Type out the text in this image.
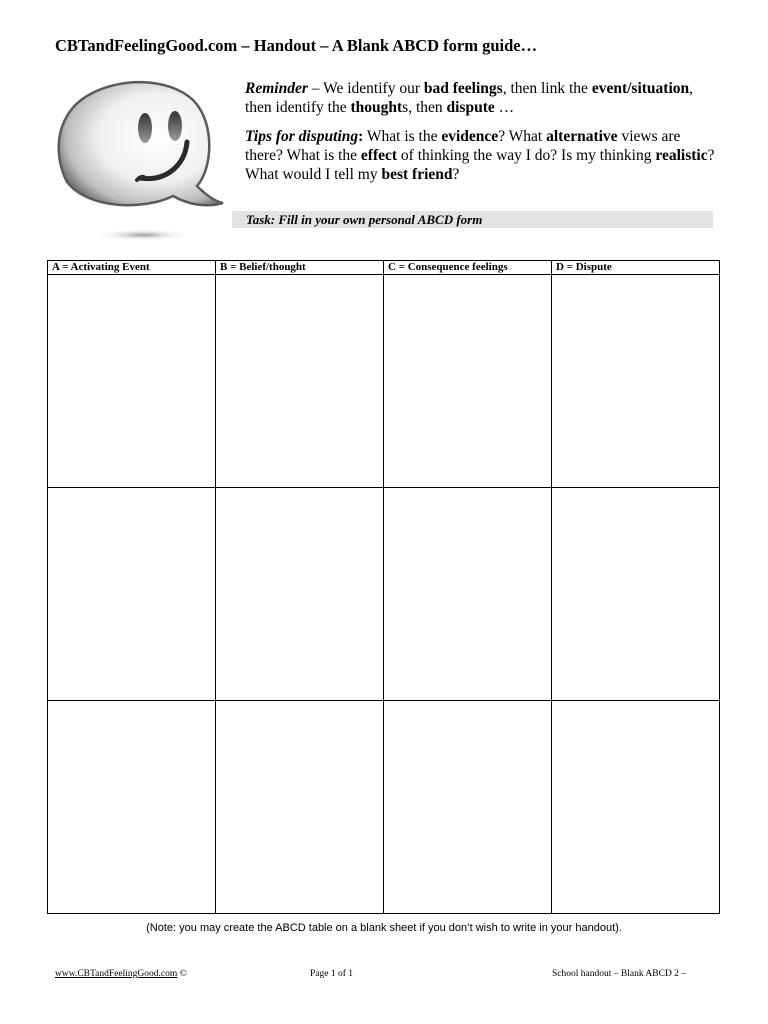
CBTandFeelingGood.com – Handout – A Blank ABCD form guide…

Reminder – We identify our bad feelings, then link the event/situation, then identify the thoughts, then dispute …

Tips for disputing: What is the evidence? What alternative views are there? What is the effect of thinking the way I do? Is my thinking realistic? What would I tell my best friend?

Task: Fill in your own personal ABCD form
A = Activating Event	B = Belief/thought	C = Consequence feelings	D = Dispute

(Note: you may create the ABCD table on a blank sheet if you don’t wish to write in your handout).
www.CBTandFeelingGood.com ©	Page 1 of 1	School handout – Blank ABCD 2 –
